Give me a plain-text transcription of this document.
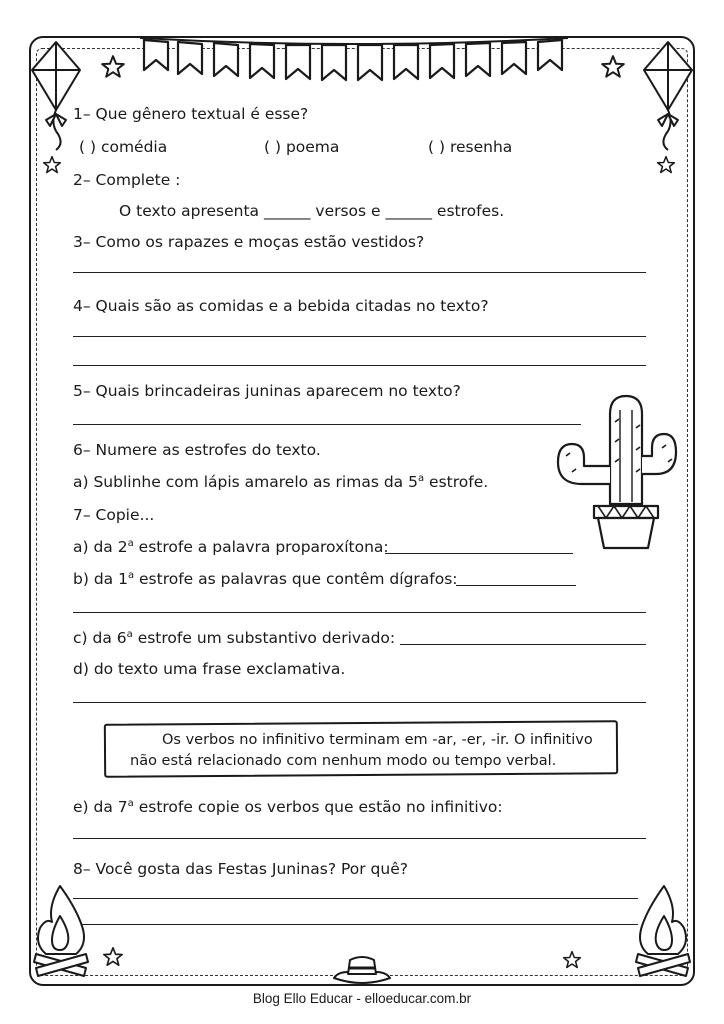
1– Que gênero textual é esse?
( ) comédia	( ) poema	( ) resenha
2– Complete :
O texto apresenta ______ versos e ______ estrofes.
3– Como os rapazes e moças estão vestidos?
4– Quais são as comidas e a bebida citadas no texto?
5– Quais brincadeiras juninas aparecem no texto?
6– Numere as estrofes do texto.
a) Sublinhe com lápis amarelo as rimas da 5$^a$ estrofe.
7– Copie...
a) da 2$^a$ estrofe a palavra proparoxítona:
b) da 1$^a$ estrofe as palavras que contêm dígrafos:
c) da 6$^a$ estrofe um substantivo derivado:
d) do texto uma frase exclamativa.
Os verbos no infinitivo terminam em -ar, -er, -ir. O infinitivo
não está relacionado com nenhum modo ou tempo verbal.
e) da 7$^a$ estrofe copie os verbos que estão no infinitivo:
8– Você gosta das Festas Juninas? Por quê?
Blog Ello Educar - elloeducar.com.br
